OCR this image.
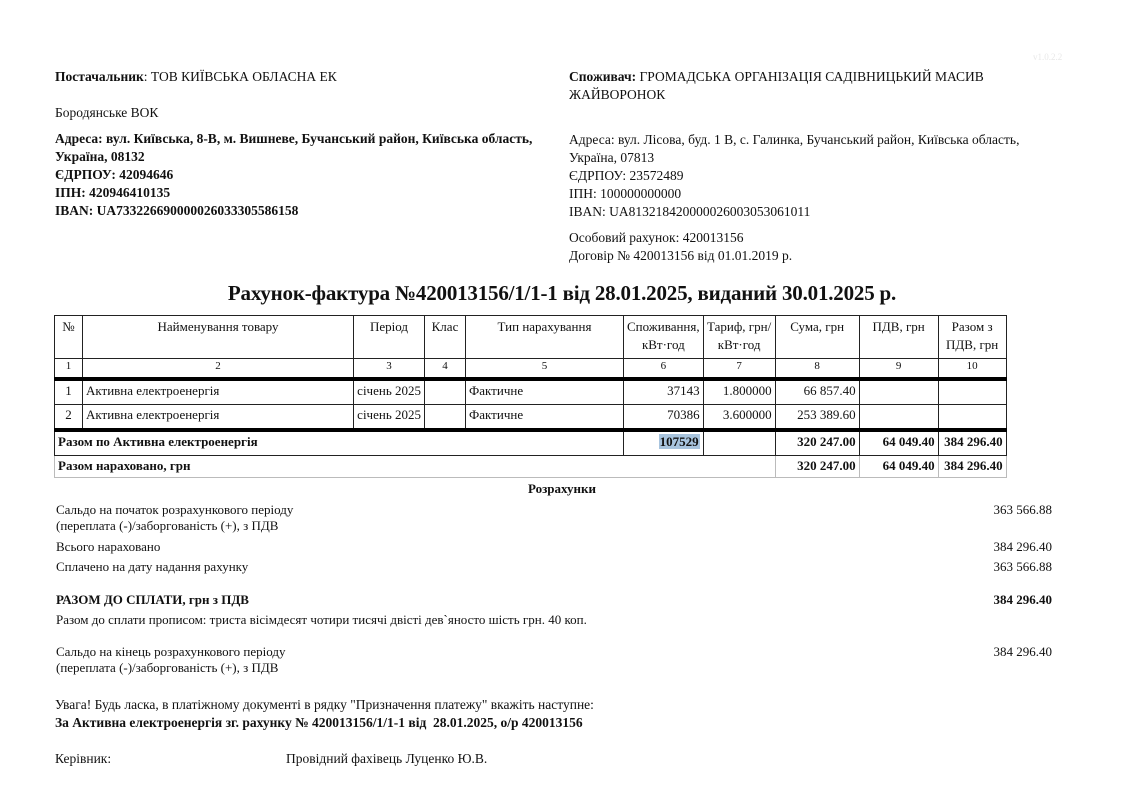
v1.0.2.2
Постачальник: ТОВ КИЇВСЬКА ОБЛАСНА ЕК
Бородянське ВОК
Адреса: вул. Київська, 8-В, м. Вишневе, Бучанський район, Київська область, Україна, 08132
ЄДРПОУ: 42094646
ІПН: 420946410135
IBAN: UA733226690000026033305586158
Споживач: ГРОМАДСЬКА ОРГАНІЗАЦІЯ САДІВНИЦЬКИЙ МАСИВ ЖАЙВОРОНОК
Адреса: вул. Лісова, буд. 1 В, с. Галинка, Бучанський район, Київська область, Україна, 07813
ЄДРПОУ: 23572489
ІПН: 100000000000
IBAN: UA813218420000026003053061011
Особовий рахунок: 420013156
Договір № 420013156 від 01.01.2019 р.
Рахунок-фактура №420013156/1/1-1 від 28.01.2025, виданий 30.01.2025 р.
№	Найменування товару	Період	Клас	Тип нарахування	Споживання, кВт·год	Тариф, грн/кВт·год	Сума, грн	ПДВ, грн	Разом з ПДВ, грн
1	2	3	4	5	6	7	8	9	10
1	Активна електроенергія	січень 2025		Фактичне	37143	1.800000	66 857.40		
2	Активна електроенергія	січень 2025		Фактичне	70386	3.600000	253 389.60		
Разом по Активна електроенергія					107529		320 247.00	64 049.40	384 296.40
Разом нараховано, грн							320 247.00	64 049.40	384 296.40
Розрахунки
Сальдо на початок розрахункового періоду
(переплата (-)/заборгованість (+), з ПДВ
363 566.88
Всього нараховано	384 296.40
Сплачено на дату надання рахунку	363 566.88
РАЗОМ ДО СПЛАТИ, грн з ПДВ	384 296.40
Разом до сплати прописом: триста вісімдесят чотири тисячі двісті дев`яносто шість грн. 40 коп.
Сальдо на кінець розрахункового періоду
(переплата (-)/заборгованість (+), з ПДВ
384 296.40
Увага! Будь ласка, в платіжному документі в рядку "Призначення платежу" вкажіть наступне:
За Активна електроенергія зг. рахунку № 420013156/1/1-1 від  28.01.2025, о/р 420013156
Керівник:	Провідний фахівець Луценко Ю.В.
